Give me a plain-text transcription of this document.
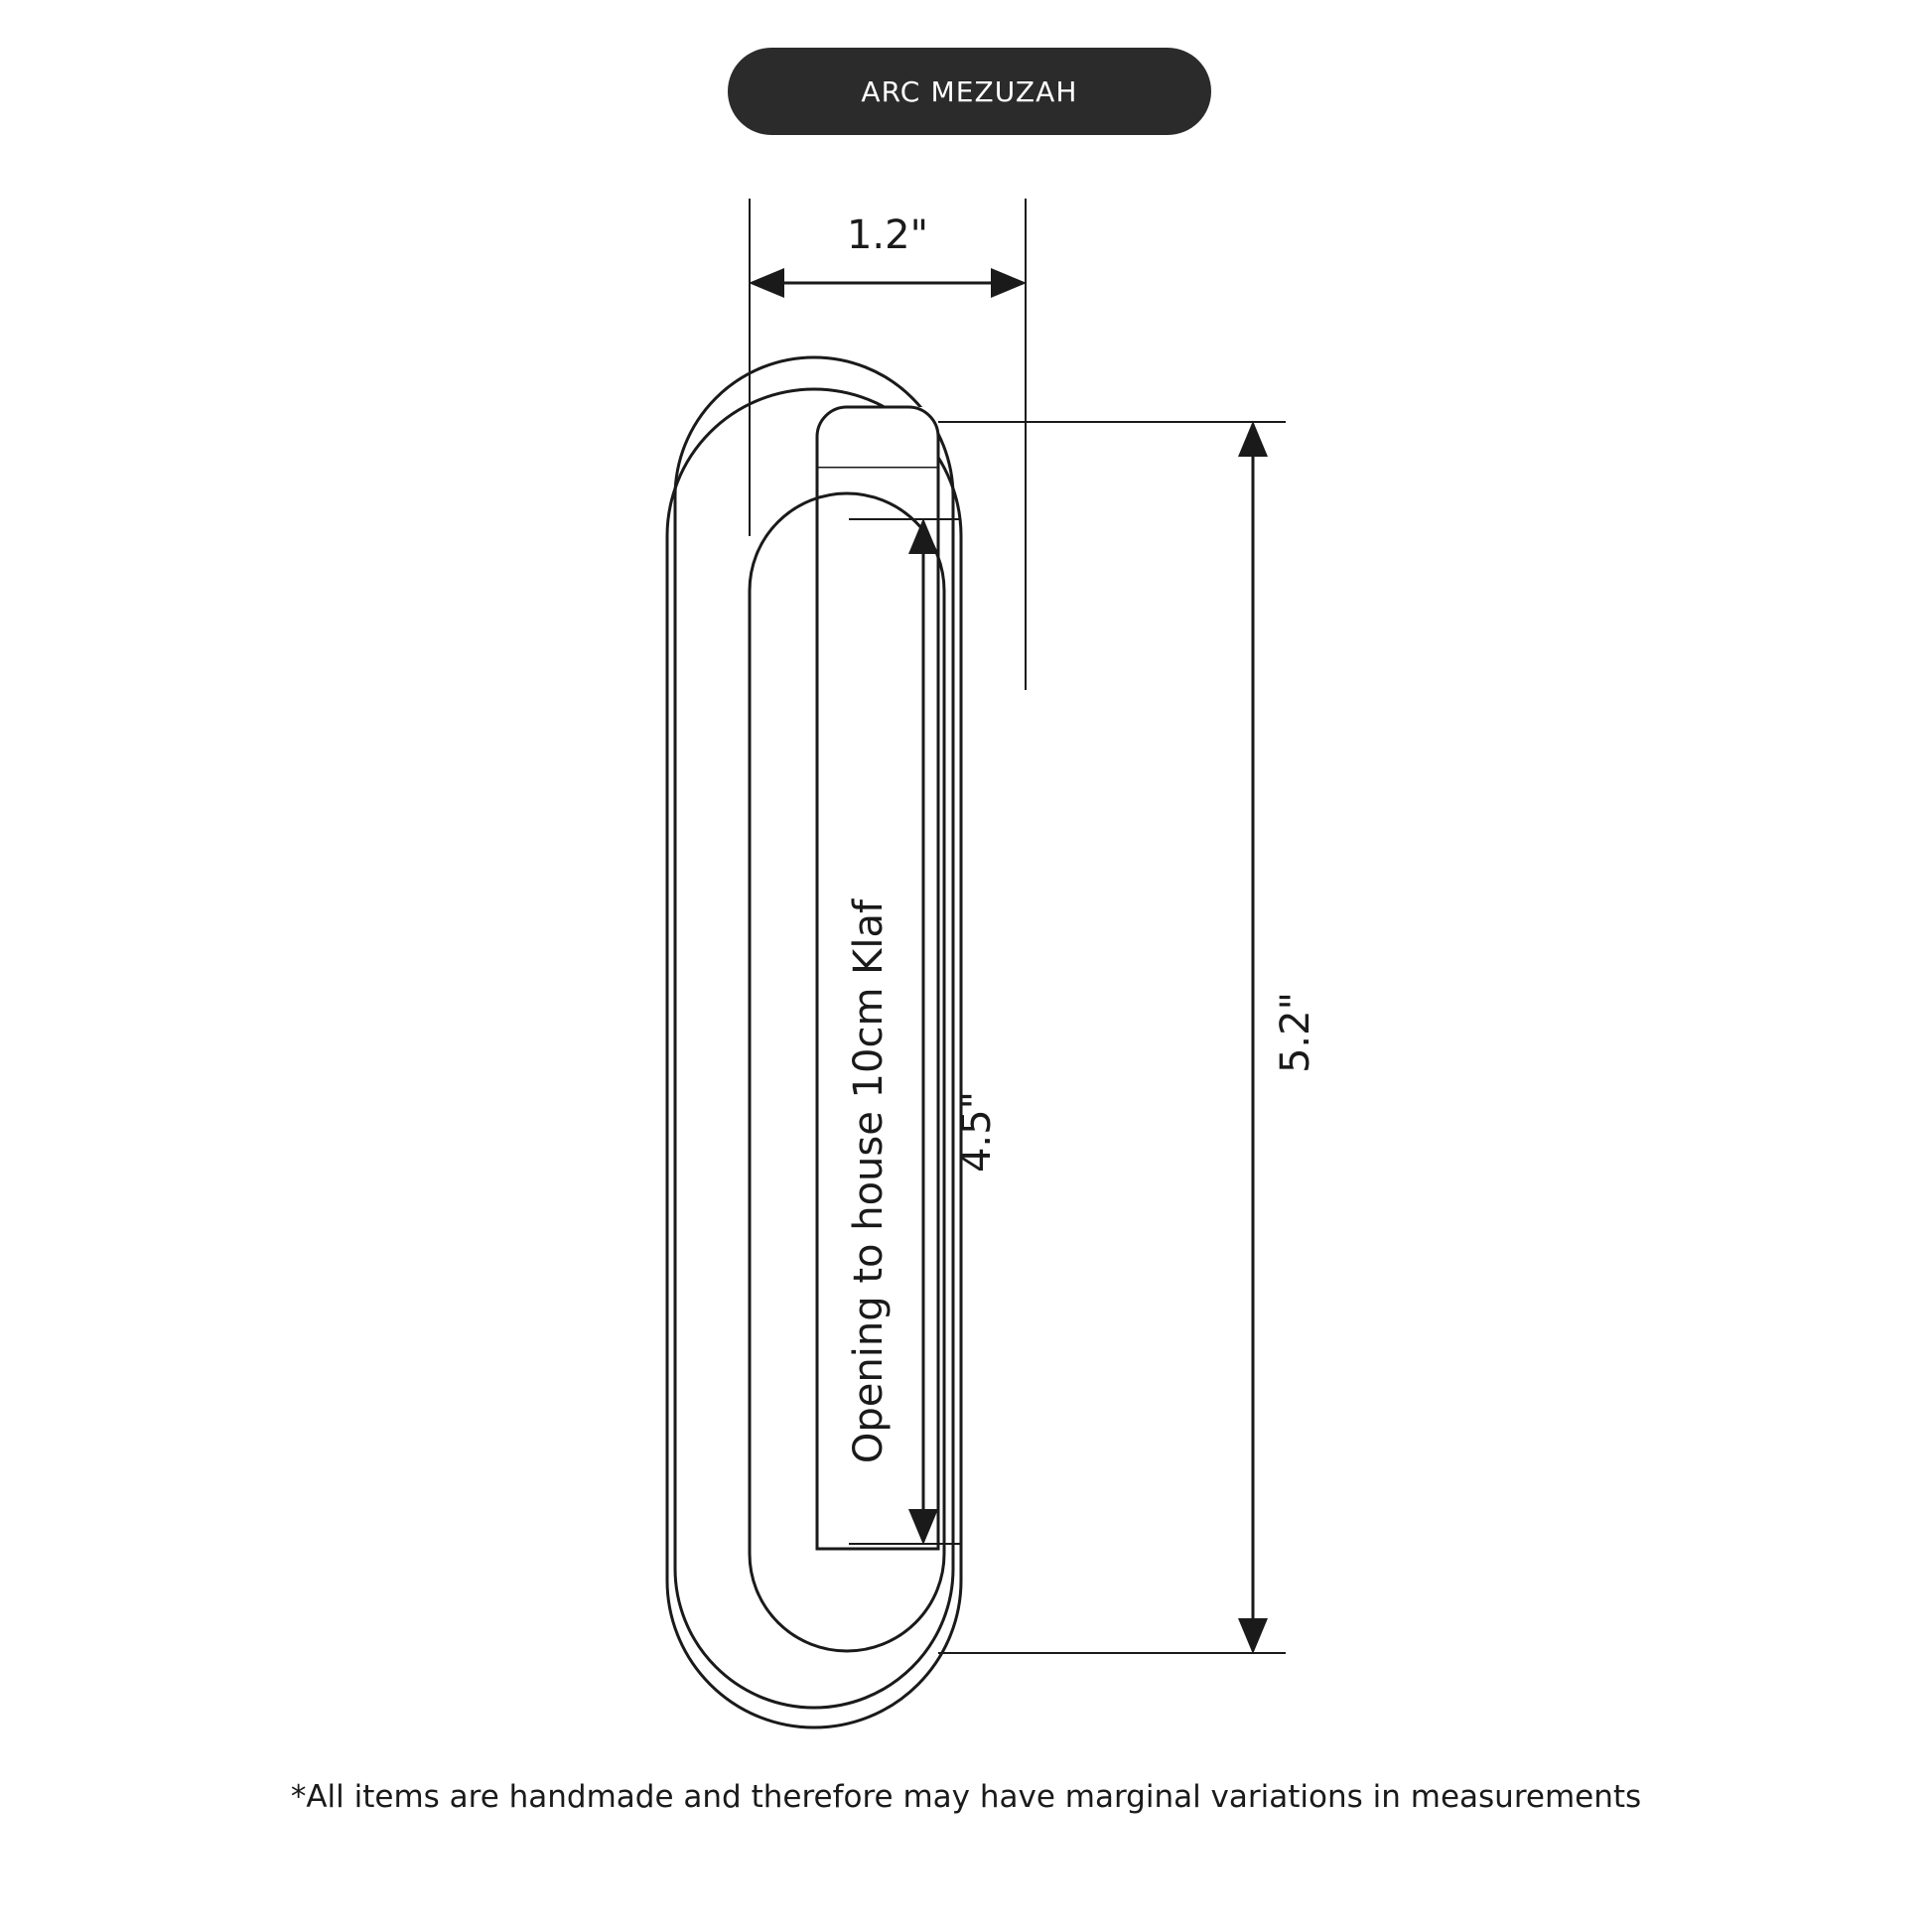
ARC MEZUZAH
1.2"
5.2"
4.5"
Opening to house 10cm Klaf
*All items are handmade and therefore may have marginal variations in measurements
